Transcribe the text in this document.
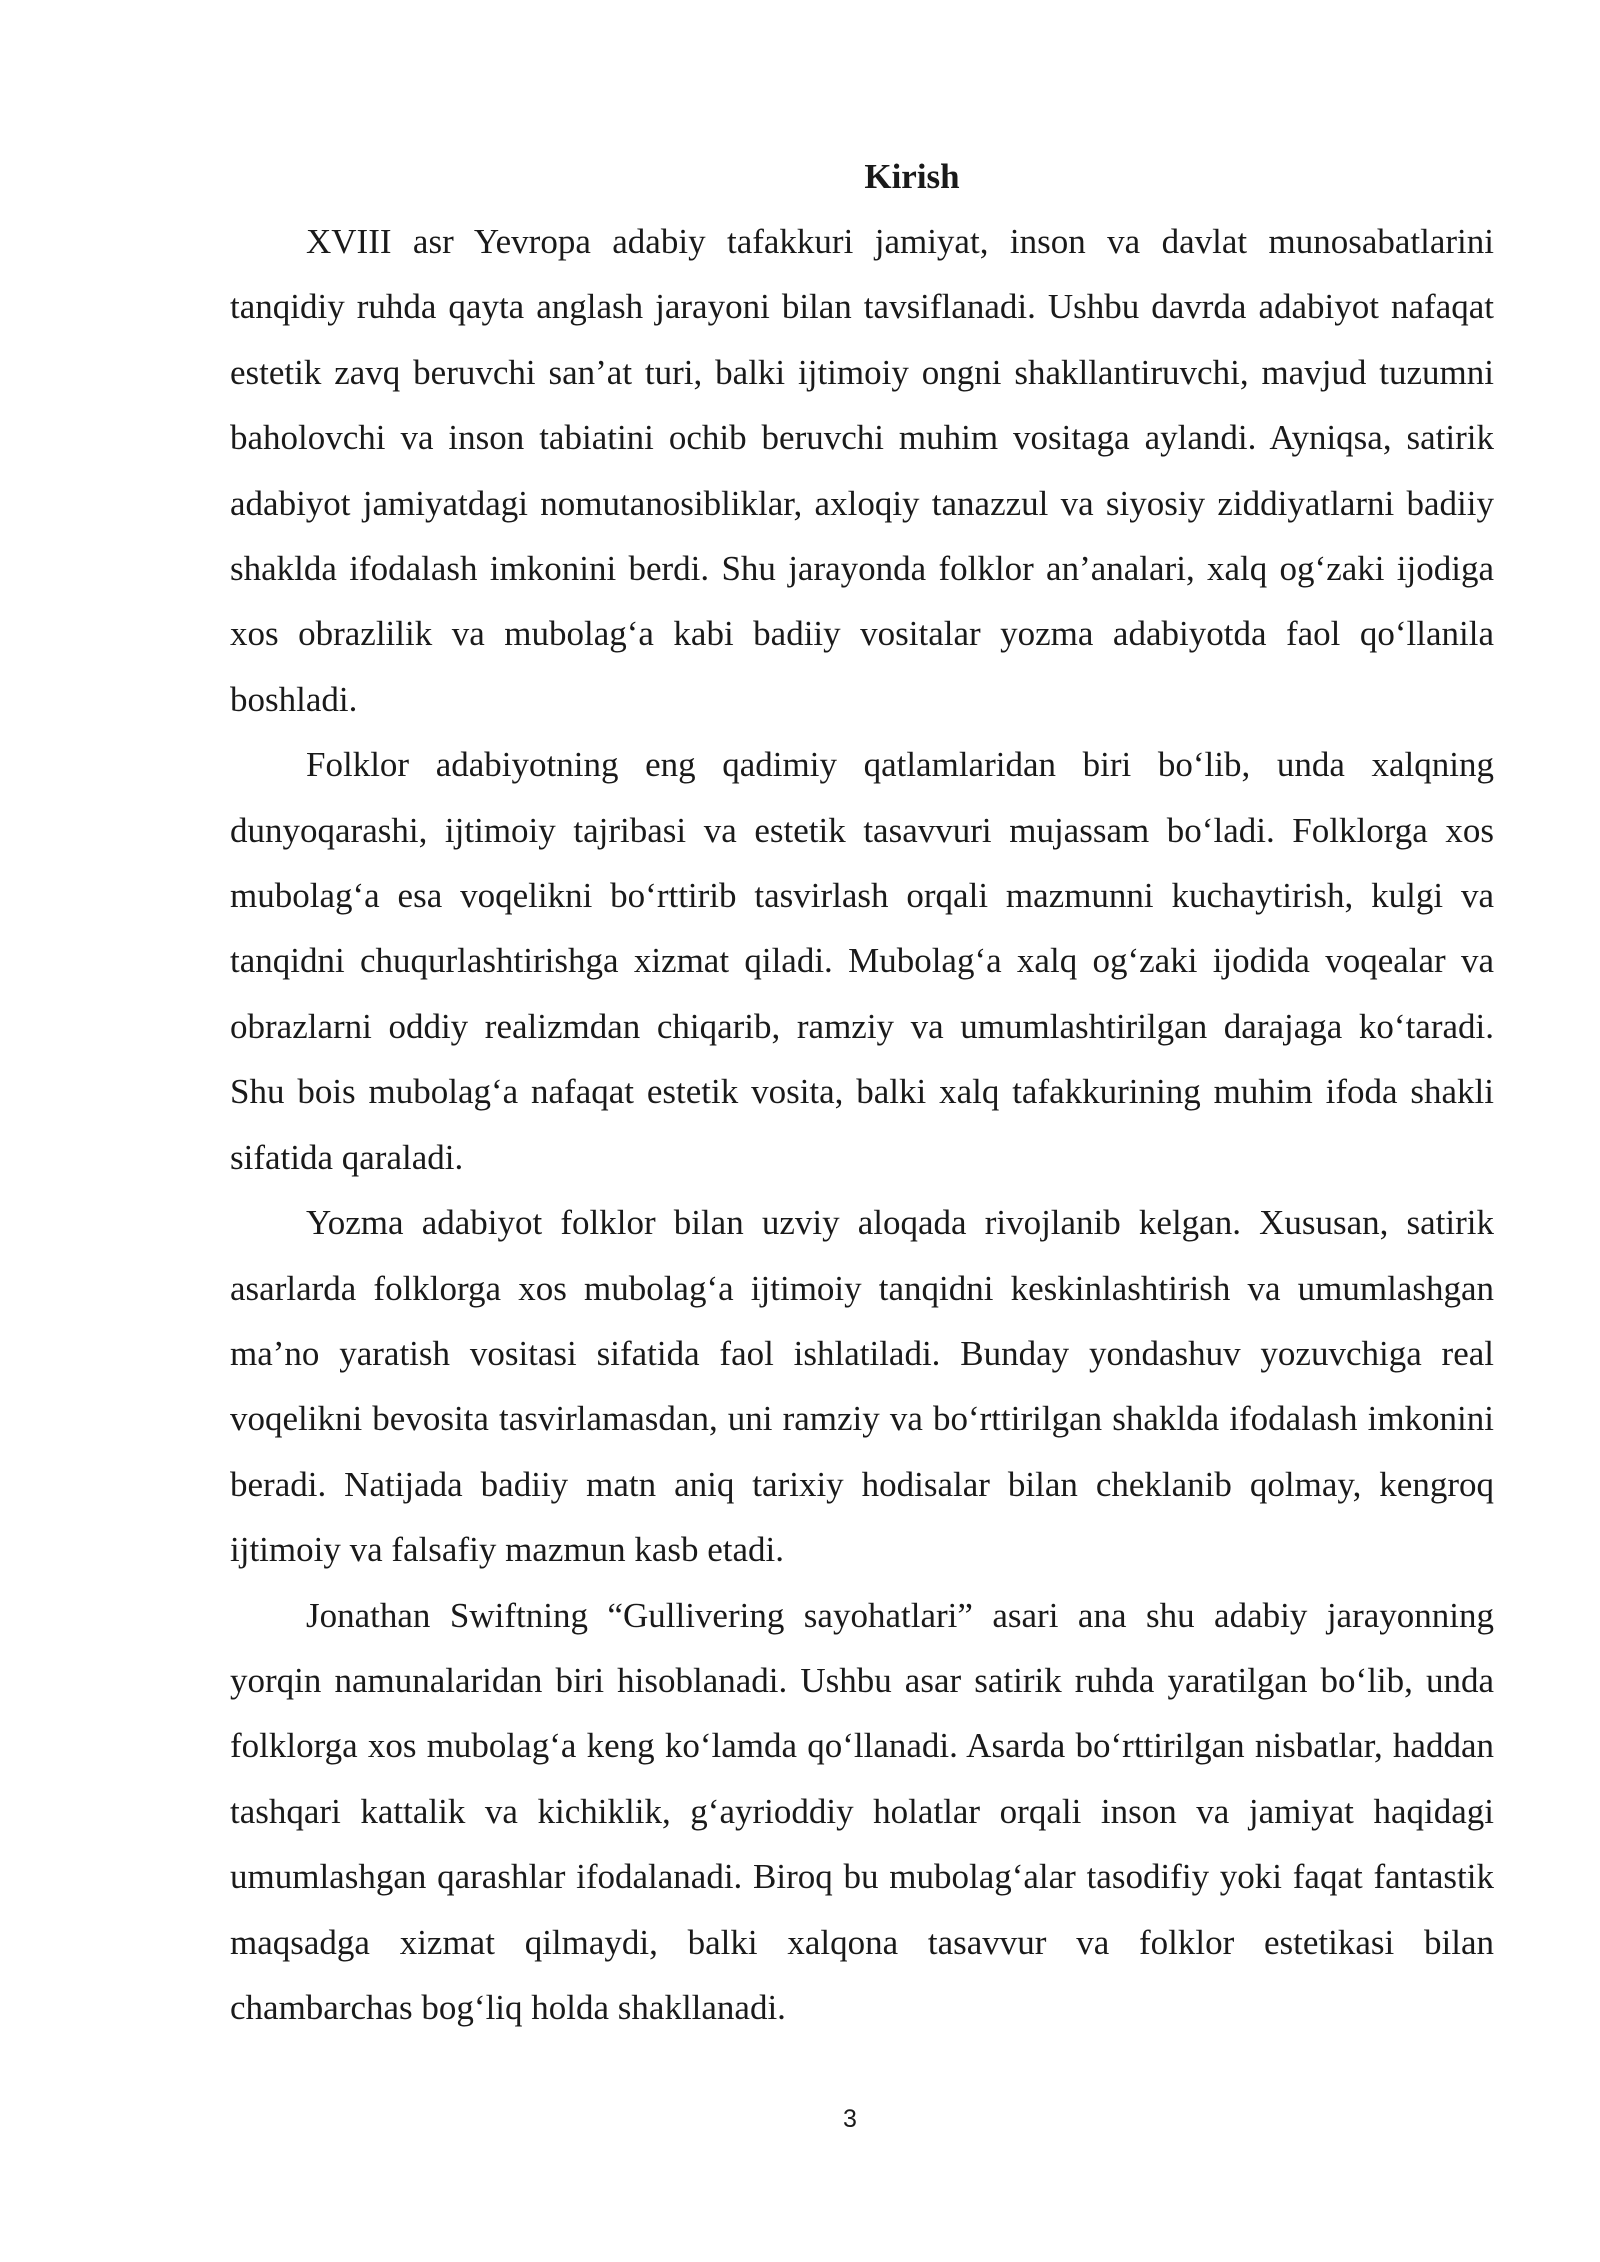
Kirish

XVIII asr Yevropa adabiy tafakkuri jamiyat, inson va davlat munosabatlarini tanqidiy ruhda qayta anglash jarayoni bilan tavsiflanadi. Ushbu davrda adabiyot nafaqat estetik zavq beruvchi san’at turi, balki ijtimoiy ongni shakllantiruvchi, mavjud tuzumni baholovchi va inson tabiatini ochib beruvchi muhim vositaga aylandi. Ayniqsa, satirik adabiyot jamiyatdagi nomutanosibliklar, axloqiy tanazzul va siyosiy ziddiyatlarni badiiy shaklda ifodalash imkonini berdi. Shu jarayonda folklor an’analari, xalq og‘zaki ijodiga xos obrazlilik va mubolag‘a kabi badiiy vositalar yozma adabiyotda faol qo‘llanila boshladi.

Folklor adabiyotning eng qadimiy qatlamlaridan biri bo‘lib, unda xalqning dunyoqarashi, ijtimoiy tajribasi va estetik tasavvuri mujassam bo‘ladi. Folklorga xos mubolag‘a esa voqelikni bo‘rttirib tasvirlash orqali mazmunni kuchaytirish, kulgi va tanqidni chuqurlashtirishga xizmat qiladi. Mubolag‘a xalq og‘zaki ijodida voqealar va obrazlarni oddiy realizmdan chiqarib, ramziy va umumlashtirilgan darajaga ko‘taradi. Shu bois mubolag‘a nafaqat estetik vosita, balki xalq tafakkurining muhim ifoda shakli sifatida qaraladi.

Yozma adabiyot folklor bilan uzviy aloqada rivojlanib kelgan. Xususan, satirik asarlarda folklorga xos mubolag‘a ijtimoiy tanqidni keskinlashtirish va umumlashgan ma’no yaratish vositasi sifatida faol ishlatiladi. Bunday yondashuv yozuvchiga real voqelikni bevosita tasvirlamasdan, uni ramziy va bo‘rttirilgan shaklda ifodalash imkonini beradi. Natijada badiiy matn aniq tarixiy hodisalar bilan cheklanib qolmay, kengroq ijtimoiy va falsafiy mazmun kasb etadi.

Jonathan Swiftning “Gullivering sayohatlari” asari ana shu adabiy jarayonning yorqin namunalaridan biri hisoblanadi. Ushbu asar satirik ruhda yaratilgan bo‘lib, unda folklorga xos mubolag‘a keng ko‘lamda qo‘llanadi. Asarda bo‘rttirilgan nisbatlar, haddan tashqari kattalik va kichiklik, g‘ayrioddiy holatlar orqali inson va jamiyat haqidagi umumlashgan qarashlar ifodalanadi. Biroq bu mubolag‘alar tasodifiy yoki faqat fantastik maqsadga xizmat qilmaydi, balki xalqona tasavvur va folklor estetikasi bilan chambarchas bog‘liq holda shakllanadi.

3
